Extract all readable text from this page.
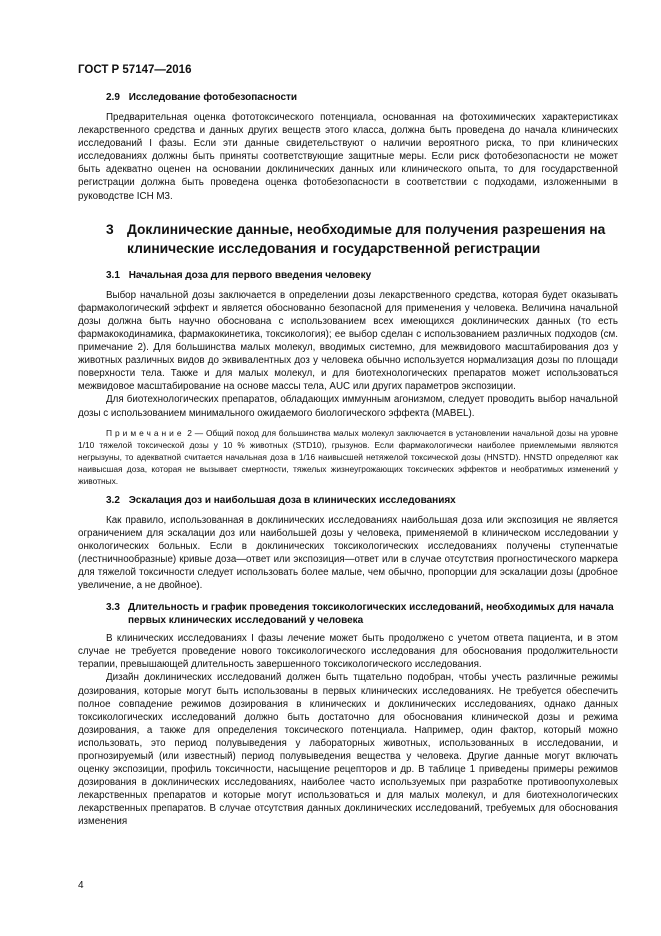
ГОСТ Р 57147—2016
2.9 Исследование фотобезопасности

Предварительная оценка фототоксического потенциала, основанная на фотохимических характеристиках лекарственного средства и данных других веществ этого класса, должна быть проведена до начала клинических исследований I фазы. Если эти данные свидетельствуют о наличии вероятного риска, то при клинических исследованиях должны быть приняты соответствующие защитные меры. Если риск фотобезопасности не может быть адекватно оценен на основании доклинических данных или клинического опыта, то для государственной регистрации должна быть проведена оценка фотобезопасности в соответствии с подходами, изложенными в руководстве ICH M3.

3 Доклинические данные, необходимые для получения разрешения на клинические исследования и государственной регистрации
3.1 Начальная доза для первого введения человеку

Выбор начальной дозы заключается в определении дозы лекарственного средства, которая будет оказывать фармакологический эффект и является обоснованно безопасной для применения у человека. Величина начальной дозы должна быть научно обоснована с использованием всех имеющихся доклинических данных (то есть фармакокодинамика, фармакокинетика, токсикология); ее выбор сделан с использованием различных подходов (см. примечание 2). Для большинства малых молекул, вводимых системно, для межвидового масштабирования доз у животных различных видов до эквивалентных доз у человека обычно используется нормализация дозы по площади поверхности тела. Также и для малых молекул, и для биотехнологических препаратов может использоваться межвидовое масштабирование на основе массы тела, AUC или других параметров экспозиции.

Для биотехнологических препаратов, обладающих иммунным агонизмом, следует проводить выбор начальной дозы с использованием минимального ожидаемого биологического эффекта (MABEL).

Примечание 2 — Общий поход для большинства малых молекул заключается в установлении начальной дозы на уровне 1/10 тяжелой токсической дозы у 10 % животных (STD10), грызунов. Если фармакологически наиболее приемлемыми являются негрызуны, то адекватной считается начальная доза в 1/16 наивысшей нетяжелой токсической дозы (HNSTD). HNSTD определяют как наивысшая доза, которая не вызывает смертности, тяжелых жизнеугрожающих токсических эффектов и необратимых изменений у животных.

3.2 Эскалация доз и наибольшая доза в клинических исследованиях

Как правило, использованная в доклинических исследованиях наибольшая доза или экспозиция не является ограничением для эскалации доз или наибольшей дозы у человека, применяемой в клиническом исследовании у онкологических больных. Если в доклинических токсикологических исследованиях получены ступенчатые (лестничнообразные) кривые доза—ответ или экспозиция—ответ или в случае отсутствия прогностического маркера для тяжелой токсичности следует использовать более малые, чем обычно, пропорции для эскалации дозы (дробное увеличение, а не двойное).

3.3 Длительность и график проведения токсикологических исследований, необходимых для начала первых клинических исследований у человека

В клинических исследованиях I фазы лечение может быть продолжено с учетом ответа пациента, и в этом случае не требуется проведение нового токсикологического исследования для обоснования продолжительности терапии, превышающей длительность завершенного токсикологического исследования.

Дизайн доклинических исследований должен быть тщательно подобран, чтобы учесть различные режимы дозирования, которые могут быть использованы в первых клинических исследованиях. Не требуется обеспечить полное совпадение режимов дозирования в клинических и доклинических исследованиях, однако данных токсикологических исследований должно быть достаточно для обоснования клинической дозы и режима дозирования, а также для определения токсического потенциала. Например, один фактор, который можно использовать, это период полувыведения у лабораторных животных, использованных в исследовании, и прогнозируемый (или известный) период полувыведения вещества у человека. Другие данные могут включать оценку экспозиции, профиль токсичности, насыщение рецепторов и др. В таблице 1 приведены примеры режимов дозирования в доклинических исследованиях, наиболее часто используемых при разработке противоопухолевых лекарственных препаратов и которые могут использоваться и для малых молекул, и для биотехнологических лекарственных препаратов. В случае отсутствия данных доклинических исследований, требуемых для обоснования изменения

4
